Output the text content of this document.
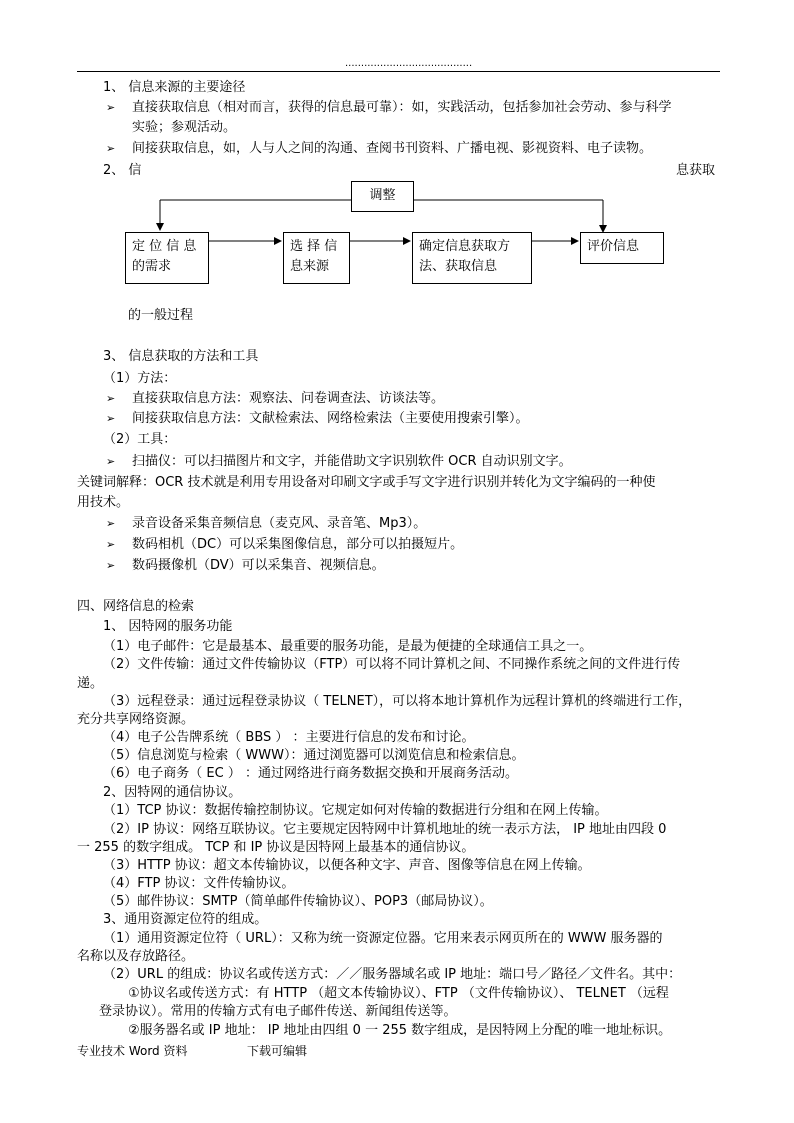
........................................
1、 信息来源的主要途径
➢ 直接获取信息（相对而言，获得的信息最可靠）：如，实践活动，包括参加社会劳动、参与科学
实验；参观活动。
➢ 间接获取信息，如，人与人之间的沟通、查阅书刊资料、广播电视、影视资料、电子读物。
2、 信	息获取
调整
定 位 信 息
的需求
选 择 信
息来源
确定信息获取方
法、获取信息
评价信息
的一般过程
3、 信息获取的方法和工具
（1）方法：
➢ 直接获取信息方法：观察法、问卷调查法、访谈法等。
➢ 间接获取信息方法：文献检索法、网络检索法（主要使用搜索引擎）。
（2）工具：
➢ 扫描仪：可以扫描图片和文字，并能借助文字识别软件 OCR 自动识别文字。
关键词解释：OCR 技术就是利用专用设备对印刷文字或手写文字进行识别并转化为文字编码的一种使
用技术。
➢ 录音设备采集音频信息（麦克风、录音笔、Mp3）。
➢ 数码相机（DC）可以采集图像信息，部分可以拍摄短片。
➢ 数码摄像机（DV）可以采集音、视频信息。
四、网络信息的检索
1、 因特网的服务功能
（1）电子邮件：它是最基本、最重要的服务功能，是最为便捷的全球通信工具之一。
（2）文件传输：通过文件传输协议（FTP）可以将不同计算机之间、不同操作系统之间的文件进行传
递。
（3）远程登录：通过远程登录协议（ TELNET），可以将本地计算机作为远程计算机的终端进行工作，
充分共享网络资源。
（4）电子公告牌系统（ BBS ） ：主要进行信息的发布和讨论。
（5）信息浏览与检索（ WWW）：通过浏览器可以浏览信息和检索信息。
（6）电子商务（ EC ） ：通过网络进行商务数据交换和开展商务活动。
2、因特网的通信协议。
（1）TCP 协议：数据传输控制协议。它规定如何对传输的数据进行分组和在网上传输。
（2）IP 协议：网络互联协议。它主要规定因特网中计算机地址的统一表示方法， IP 地址由四段 0
一 255 的数字组成。 TCP 和 IP 协议是因特网上最基本的通信协议。
（3）HTTP 协议：超文本传输协议，以便各种文字、声音、图像等信息在网上传输。
（4）FTP 协议：文件传输协议。
（5）邮件协议：SMTP（简单邮件传输协议）、POP3（邮局协议）。
3、通用资源定位符的组成。
（1）通用资源定位符（ URL）：又称为统一资源定位器。它用来表示网页所在的 WWW 服务器的
名称以及存放路径。
（2）URL 的组成：协议名或传送方式：／／服务器域名或 IP 地址：端口号／路径／文件名。其中：
①协议名或传送方式：有 HTTP （超文本传输协议）、FTP （文件传输协议）、 TELNET （远程
登录协议）。常用的传输方式有电子邮件传送、新闻组传送等。
②服务器名或 IP 地址： IP 地址由四组 0 一 255 数字组成，是因特网上分配的唯一地址标识。
专业技术 Word 资料	下载可编辑
